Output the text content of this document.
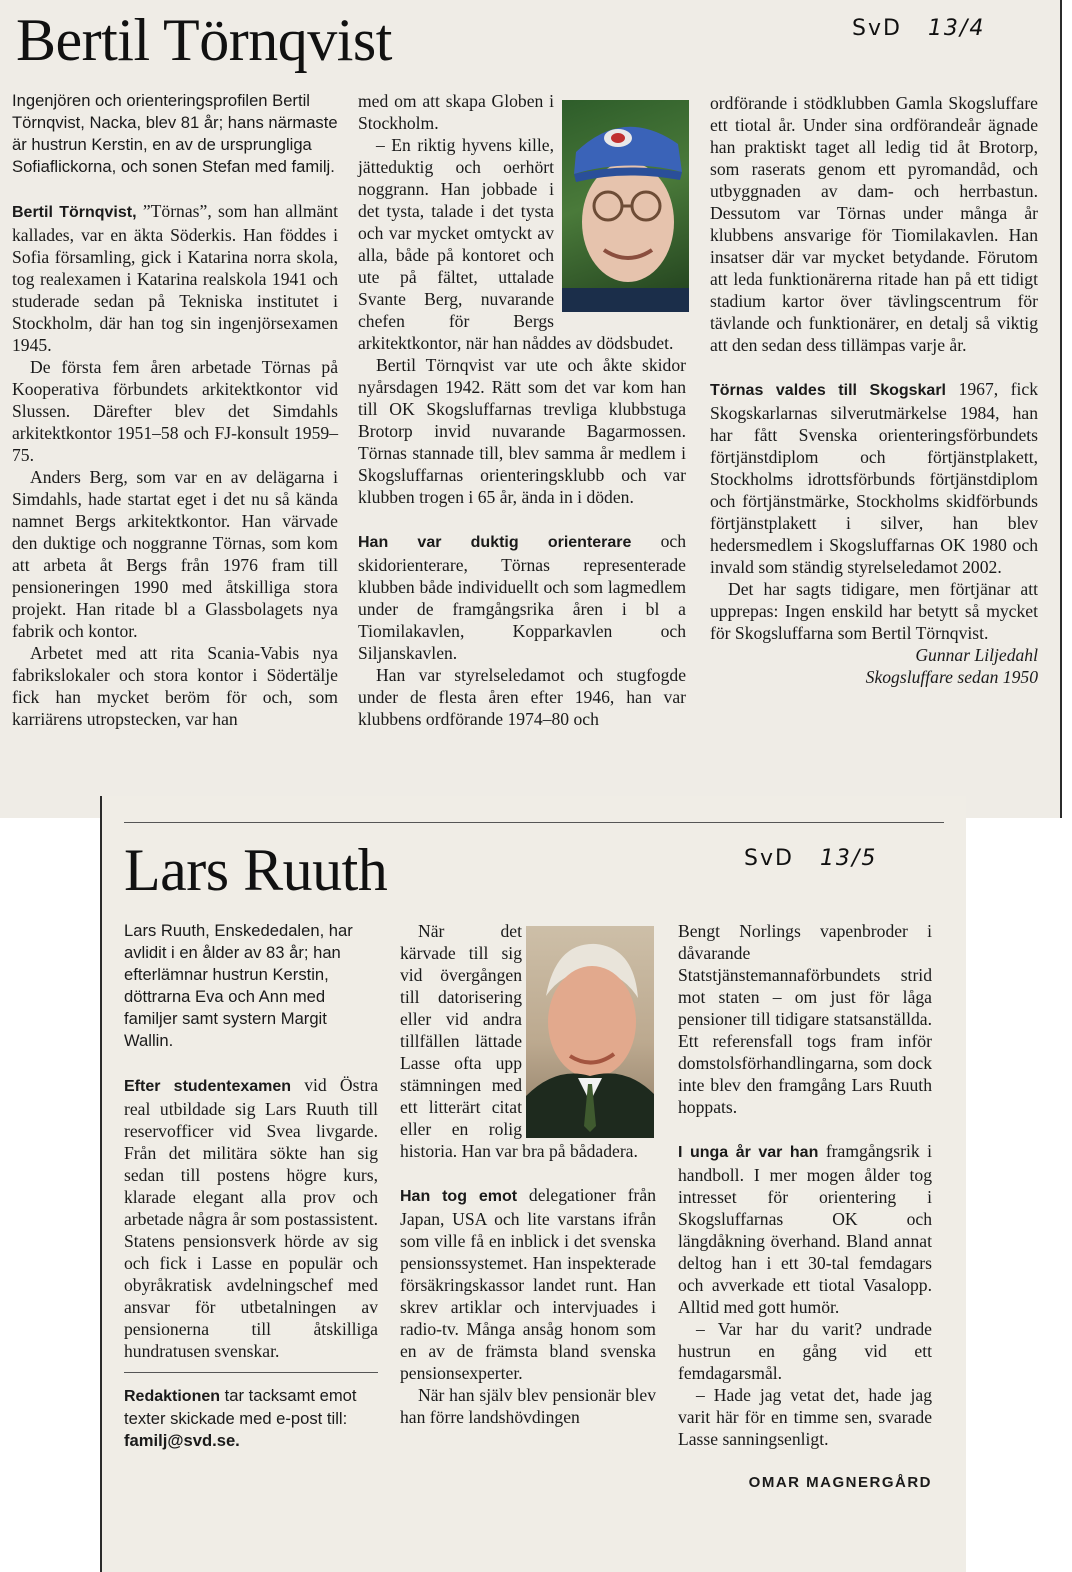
Bertil Törnqvist	SvD 13/4

Ingenjören och orienteringsprofilen Bertil Törnqvist, Nacka, blev 81 år; hans närmaste är hustrun Kerstin, en av de ursprungliga Sofiaflickorna, och sonen Stefan med familj.

Bertil Törnqvist, ”Törnas”, som han allmänt kallades, var en äkta Söderkis. Han föddes i Sofia församling, gick i Katarina norra skola, tog realexamen i Katarina realskola 1941 och studerade sedan på Tekniska institutet i Stockholm, där han tog sin ingenjörsexamen 1945.

De första fem åren arbetade Törnas på Kooperativa förbundets arkitektkontor vid Slussen. Därefter blev det Simdahls arkitektkontor 1951–58 och FJ-konsult 1959–75.

Anders Berg, som var en av delägarna i Simdahls, hade startat eget i det nu så kända namnet Bergs arkitektkontor. Han värvade den duktige och noggranne Törnas, som kom att arbeta åt Bergs från 1976 fram till pensioneringen 1990 med åtskilliga stora projekt. Han ritade bl a Glassbolagets nya fabrik och kontor.

Arbetet med att rita Scania-Vabis nya fabrikslokaler och stora kontor i Södertälje fick han mycket beröm för och, som karriärens utropstecken, var han

med om att skapa Globen i Stockholm.

– En riktig hyvens kille, jätteduktig och oerhört noggrann. Han jobbade i det tysta, talade i det tysta och var mycket omtyckt av alla, både på kontoret och ute på fältet, uttalade Svante Berg, nuvarande chefen för Bergs arkitektkontor, när han nåddes av dödsbudet.

Bertil Törnqvist var ute och åkte skidor nyårsdagen 1942. Rätt som det var kom han till OK Skogsluffarnas trevliga klubbstuga Brotorp invid nuvarande Bagarmossen. Törnas stannade till, blev samma år medlem i Skogsluffarnas orienteringsklubb och var klubben trogen i 65 år, ända in i döden.

Han var duktig orienterare och skidorienterare, Törnas representerade klubben både individuellt och som lagmedlem under de framgångsrika åren i bl a Tiomilakavlen, Kopparkavlen och Siljanskavlen.

Han var styrelseledamot och stugfogde under de flesta åren efter 1946, han var klubbens ordförande 1974–80 och

ordförande i stödklubben Gamla Skogsluffare ett tiotal år. Under sina ordförandeår ägnade han praktiskt taget all ledig tid åt Brotorp, som raserats genom ett pyromandåd, och utbyggnaden av dam- och herrbastun. Dessutom var Törnas under många år klubbens ansvarige för Tiomilakavlen. Han insatser där var mycket betydande. Förutom att leda funktionärerna ritade han på ett tidigt stadium kartor över tävlingscentrum för tävlande och funktionärer, en detalj så viktig att den sedan dess tillämpas varje år.

Törnas valdes till Skogskarl 1967, fick Skogskarlarnas silverutmärkelse 1984, han har fått Svenska orienteringsförbundets förtjänstdiplom och förtjänstplakett, Stockholms idrottsförbunds förtjänstdiplom och förtjänstmärke, Stockholms skidförbunds förtjänstplakett i silver, han blev hedersmedlem i Skogsluffarnas OK 1980 och invald som ständig styrelseledamot 2002.

Det har sagts tidigare, men förtjänar att upprepas: Ingen enskild har betytt så mycket för Skogsluffarna som Bertil Törnqvist.

Gunnar Liljedahl

Skogsluffare sedan 1950

Lars Ruuth	SvD 13/5

Lars Ruuth, Enskededalen, har avlidit i en ålder av 83 år; han efterlämnar hustrun Kerstin, döttrarna Eva och Ann med familjer samt systern Margit Wallin.

Efter studentexamen vid Östra real utbildade sig Lars Ruuth till reservofficer vid Svea livgarde. Från det militära sökte han sig sedan till postens högre kurs, klarade elegant alla prov och arbetade några år som postassistent. Statens pensionsverk hörde av sig och fick i Lasse en populär och obyråkratisk avdelningschef med ansvar för utbetalningen av pensionerna till åtskilliga hundratusen svenskar.

Redaktionen tar tacksamt emot texter skickade med e-post till: familj@svd.se.

När det kärvade till sig vid övergången till datorisering eller vid andra tillfällen lättade Lasse ofta upp stämningen med ett litterärt citat eller en rolig historia. Han var bra på bådadera.

Han tog emot delegationer från Japan, USA och lite varstans ifrån som ville få en inblick i det svenska pensionssystemet. Han inspekterade försäkringskassor landet runt. Han skrev artiklar och intervjuades i radio-tv. Många ansåg honom som en av de främsta bland svenska pensionsexperter.

När han själv blev pensionär blev han förre landshövdingen

Bengt Norlings vapenbroder i dåvarande Statstjänstemannaförbundets strid mot staten – om just för låga pensioner till tidigare statsanställda. Ett referensfall togs fram inför domstolsförhandlingarna, som dock inte blev den framgång Lars Ruuth hoppats.

I unga år var han framgångsrik i handboll. I mer mogen ålder tog intresset för orientering i Skogsluffarnas OK och längdåkning överhand. Bland annat deltog han i ett 30-tal femdagars och avverkade ett tiotal Vasalopp. Alltid med gott humör.

– Var har du varit? undrade hustrun en gång vid ett femdagarsmål.

– Hade jag vetat det, hade jag varit här för en timme sen, svarade Lasse sanningsenligt.

OMAR MAGNERGÅRD
